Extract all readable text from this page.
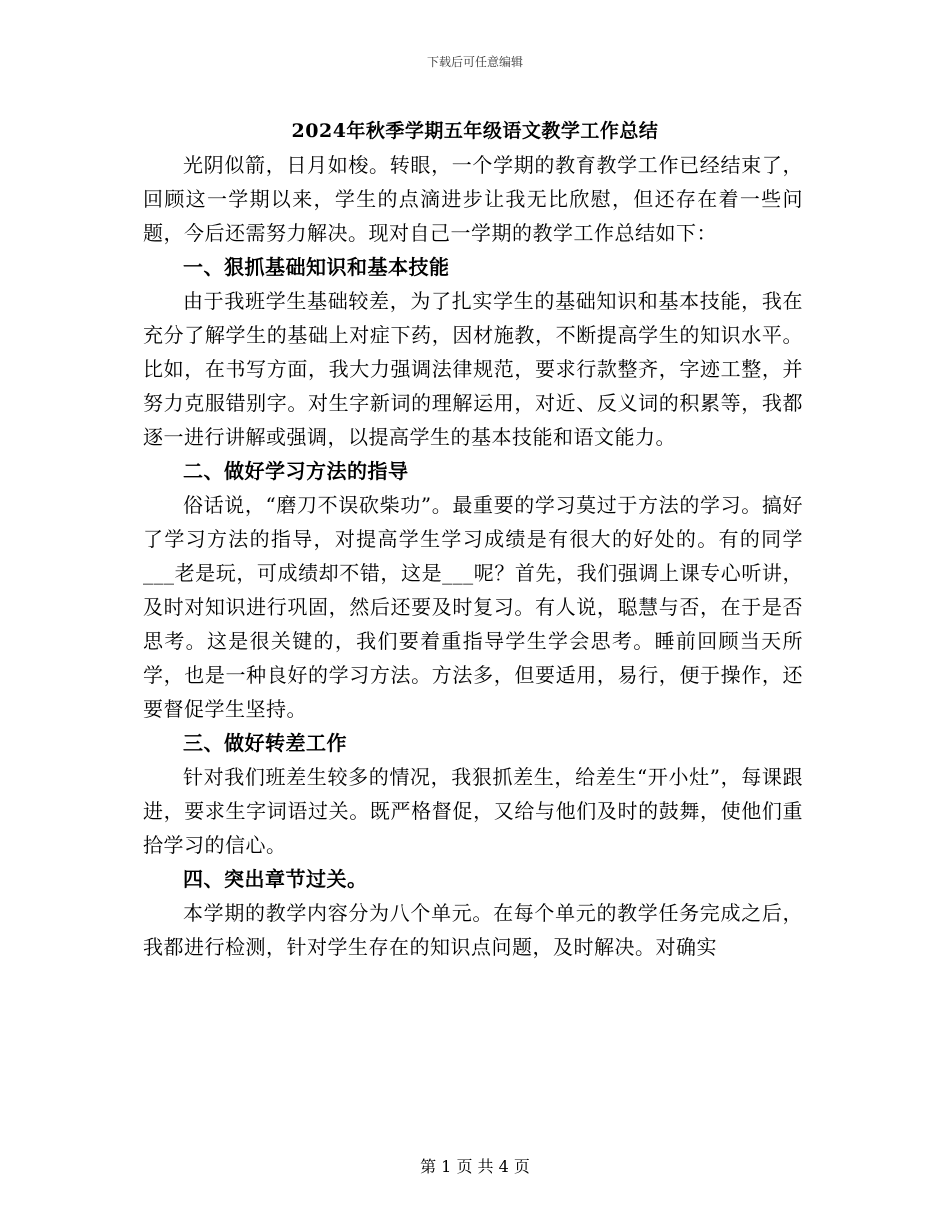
下载后可任意编辑
2024年秋季学期五年级语文教学工作总结

光阴似箭，日月如梭。转眼，一个学期的教育教学工作已经结束了，回顾这一学期以来，学生的点滴进步让我无比欣慰，但还存在着一些问题，今后还需努力解决。现对自己一学期的教学工作总结如下：

一、狠抓基础知识和基本技能

由于我班学生基础较差，为了扎实学生的基础知识和基本技能，我在充分了解学生的基础上对症下药，因材施教，不断提高学生的知识水平。比如，在书写方面，我大力强调法律规范，要求行款整齐，字迹工整，并努力克服错别字。对生字新词的理解运用，对近、反义词的积累等，我都逐一进行讲解或强调，以提高学生的基本技能和语文能力。

二、做好学习方法的指导

俗话说，“磨刀不误砍柴功”。最重要的学习莫过于方法的学习。搞好了学习方法的指导，对提高学生学习成绩是有很大的好处的。有的同学___老是玩，可成绩却不错，这是___呢？首先，我们强调上课专心听讲，及时对知识进行巩固，然后还要及时复习。有人说，聪慧与否，在于是否思考。这是很关键的，我们要着重指导学生学会思考。睡前回顾当天所学，也是一种良好的学习方法。方法多，但要适用，易行，便于操作，还要督促学生坚持。

三、做好转差工作

针对我们班差生较多的情况，我狠抓差生，给差生“开小灶”，每课跟进，要求生字词语过关。既严格督促，又给与他们及时的鼓舞，使他们重拾学习的信心。

四、突出章节过关。

本学期的教学内容分为八个单元。在每个单元的教学任务完成之后，我都进行检测，针对学生存在的知识点问题，及时解决。对确实

第 1 页 共 4 页
